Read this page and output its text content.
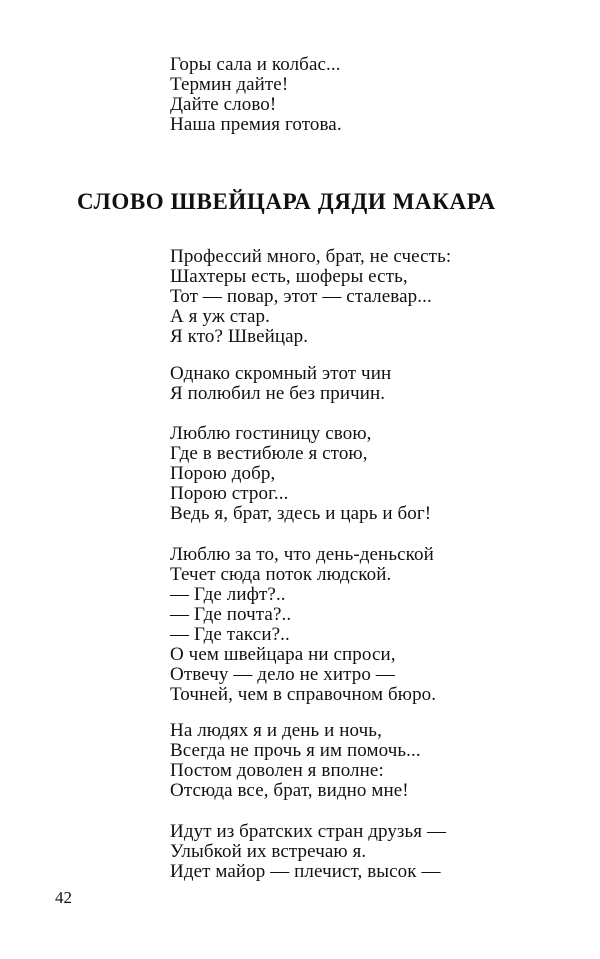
Горы сала и колбас...
Термин дайте!
Дайте слово!
Наша премия готова.
СЛОВО ШВЕЙЦАРА ДЯДИ МАКАРА
Профессий много, брат, не счесть:
Шахтеры есть, шоферы есть,
Тот — повар, этот — сталевар...
А я уж стар.
Я кто? Швейцар.
Однако скромный этот чин
Я полюбил не без причин.
Люблю гостиницу свою,
Где в вестибюле я стою,
Порою добр,
Порою строг...
Ведь я, брат, здесь и царь и бог!
Люблю за то, что день-деньской
Течет сюда поток людской.
— Где лифт?..
— Где почта?..
— Где такси?..
О чем швейцара ни спроси,
Отвечу — дело не хитро —
Точней, чем в справочном бюро.
На людях я и день и ночь,
Всегда не прочь я им помочь...
Постом доволен я вполне:
Отсюда все, брат, видно мне!
Идут из братских стран друзья —
Улыбкой их встречаю я.
Идет майор — плечист, высок —
42
